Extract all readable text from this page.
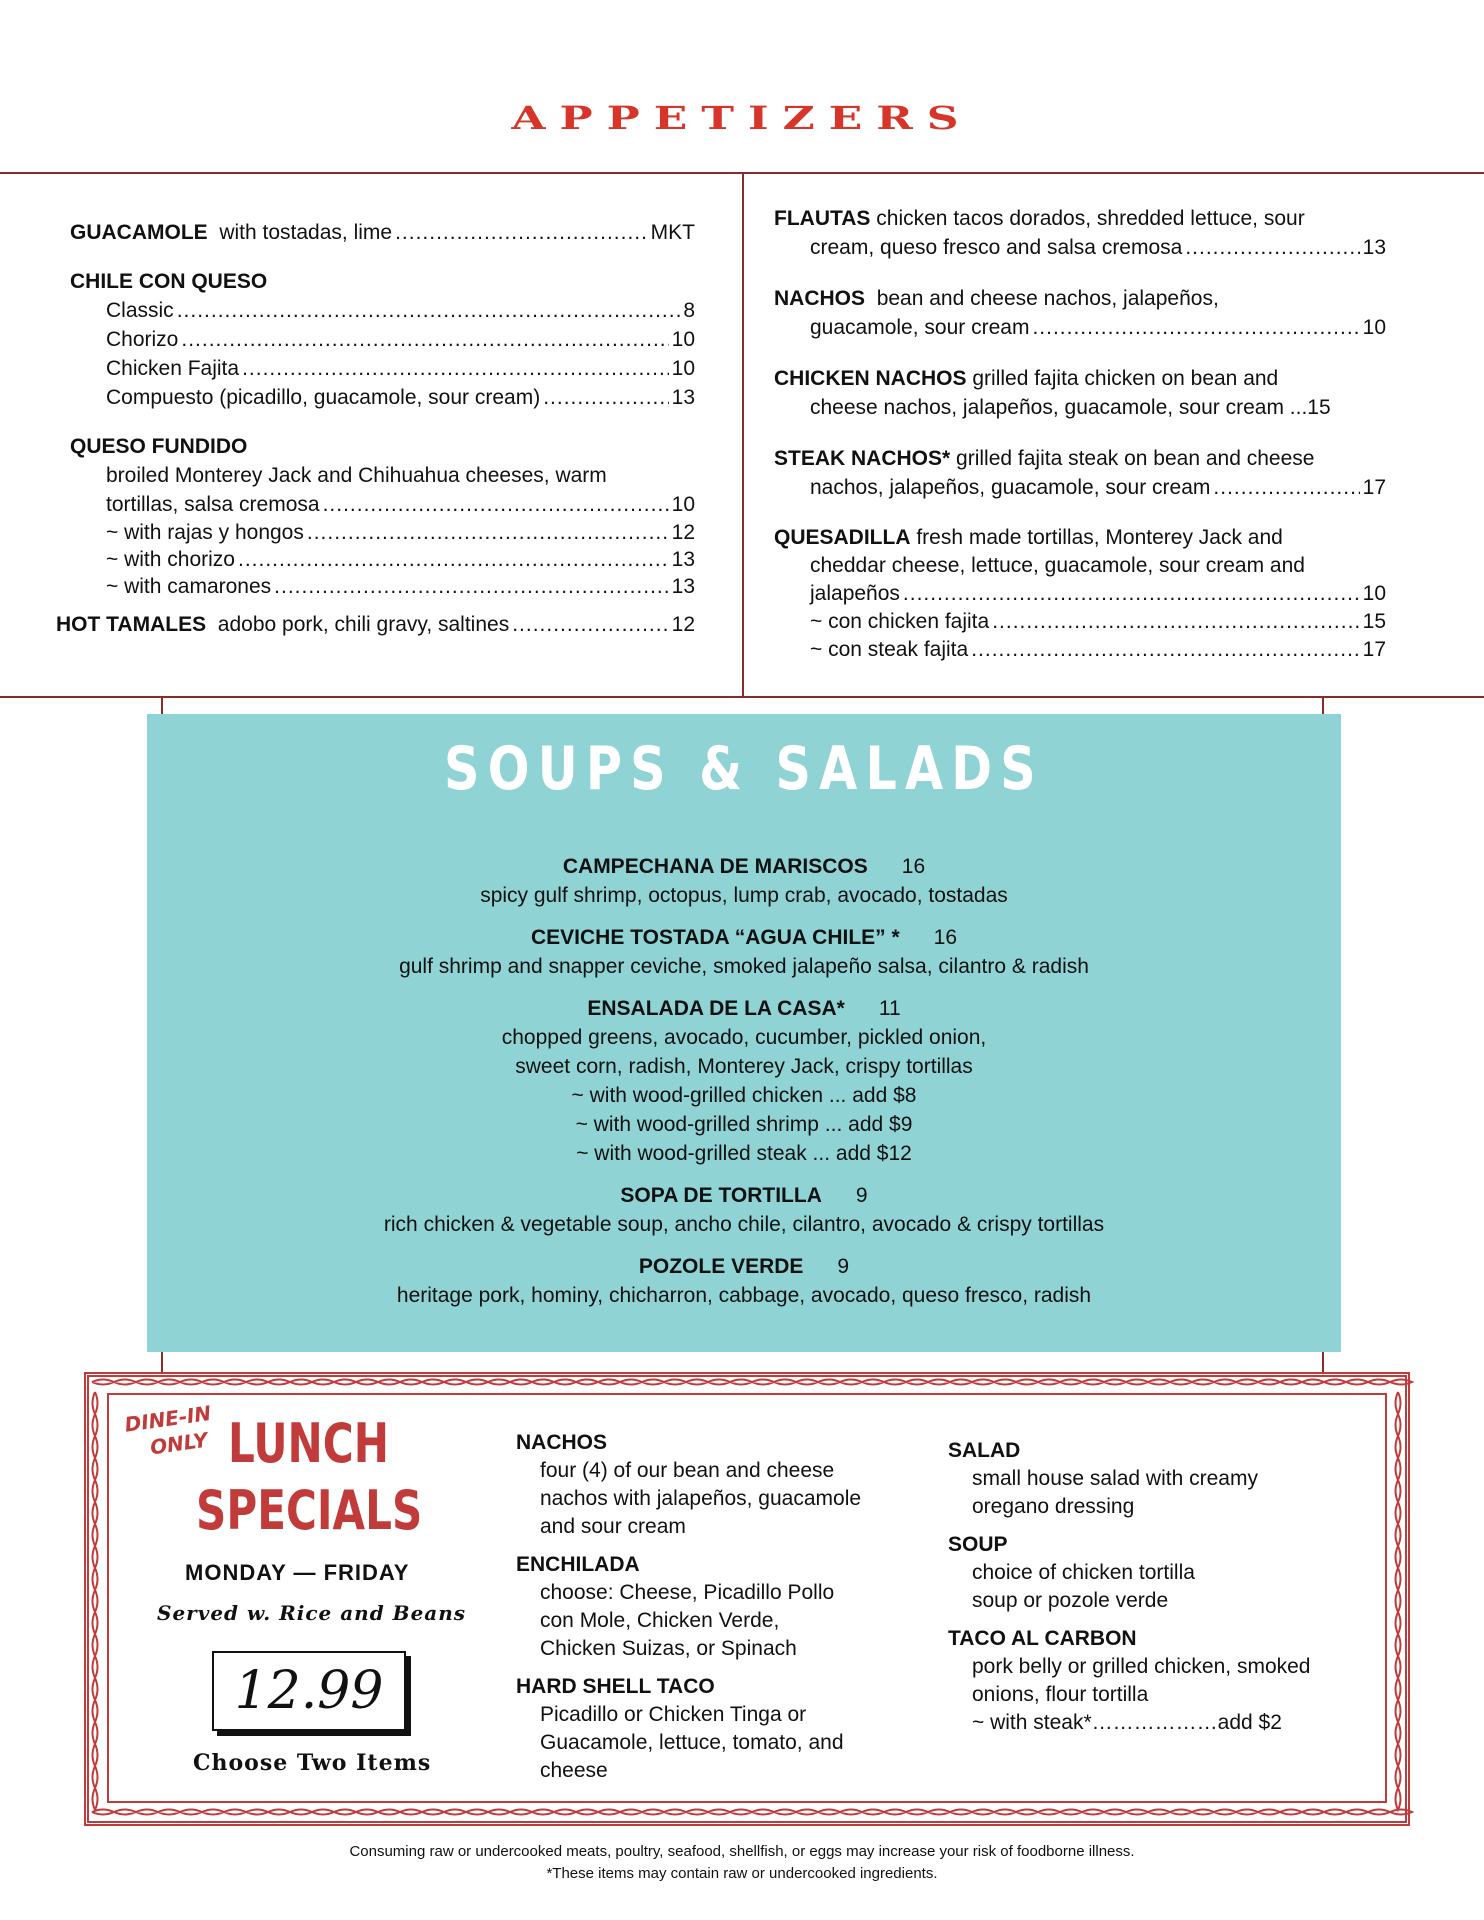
APPETIZERS
GUACAMOLE with tostadas, lime .....	MKT
CHILE CON QUESO
Classic .....	8
Chorizo .....	10
Chicken Fajita .....	10
Compuesto (picadillo, guacamole, sour cream) .....	13
QUESO FUNDIDO
broiled Monterey Jack and Chihuahua cheeses, warm
tortillas, salsa cremosa .....	10
~ with rajas y hongos .....	12
~ with chorizo .....	13
~ with camarones .....	13
HOT TAMALES adobo pork, chili gravy, saltines .....	12
FLAUTAS chicken tacos dorados, shredded lettuce, sour
cream, queso fresco and salsa cremosa .....	13
NACHOS bean and cheese nachos, jalapeños,
guacamole, sour cream .....	10
CHICKEN NACHOS grilled fajita chicken on bean and
cheese nachos, jalapeños, guacamole, sour cream ...15
STEAK NACHOS* grilled fajita steak on bean and cheese
nachos, jalapeños, guacamole, sour cream .....	17
QUESADILLA fresh made tortillas, Monterey Jack and
cheddar cheese, lettuce, guacamole, sour cream and
jalapeños .....	10
~ con chicken fajita .....	15
~ con steak fajita .....	17
SOUPS & SALADS
CAMPECHANA DE MARISCOS 16
spicy gulf shrimp, octopus, lump crab, avocado, tostadas
CEVICHE TOSTADA “AGUA CHILE” * 16
gulf shrimp and snapper ceviche, smoked jalapeño salsa, cilantro & radish
ENSALADA DE LA CASA* 11
chopped greens, avocado, cucumber, pickled onion,
sweet corn, radish, Monterey Jack, crispy tortillas
~ with wood-grilled chicken ... add $8
~ with wood-grilled shrimp ... add $9
~ with wood-grilled steak ... add $12
SOPA DE TORTILLA 9
rich chicken & vegetable soup, ancho chile, cilantro, avocado & crispy tortillas
POZOLE VERDE 9
heritage pork, hominy, chicharron, cabbage, avocado, queso fresco, radish
DINE-IN
ONLY LUNCH
SPECIALS
MONDAY — FRIDAY
Served w. Rice and Beans
12.99
Choose Two Items
NACHOS
four (4) of our bean and cheese
nachos with jalapeños, guacamole
and sour cream
ENCHILADA
choose: Cheese, Picadillo Pollo
con Mole, Chicken Verde,
Chicken Suizas, or Spinach
HARD SHELL TACO
Picadillo or Chicken Tinga or
Guacamole, lettuce, tomato, and
cheese
SALAD
small house salad with creamy
oregano dressing
SOUP
choice of chicken tortilla
soup or pozole verde
TACO AL CARBON
pork belly or grilled chicken, smoked
onions, flour tortilla
~ with steak*………………add $2
Consuming raw or undercooked meats, poultry, seafood, shellfish, or eggs may increase your risk of foodborne illness.
*These items may contain raw or undercooked ingredients.
